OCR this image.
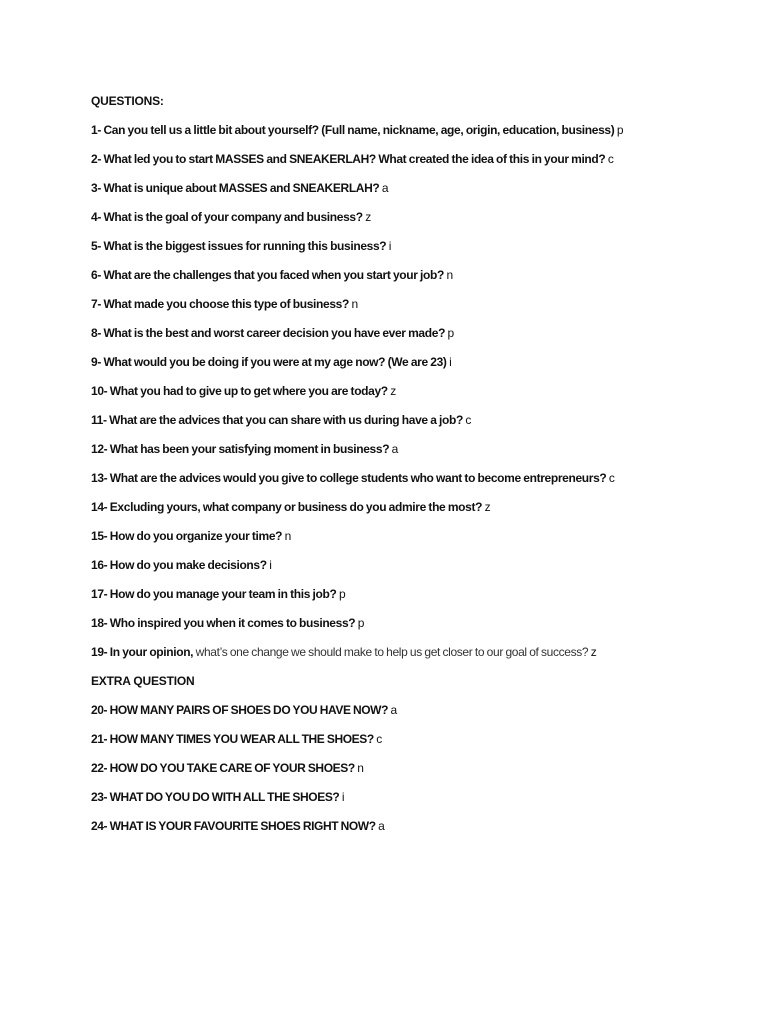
QUESTIONS:
1- Can you tell us a little bit about yourself? (Full name, nickname, age, origin, education, business) p
2- What led you to start MASSES and SNEAKERLAH? What created the idea of this in your mind? c
3- What is unique about MASSES and SNEAKERLAH? a
4- What is the goal of your company and business? z
5- What is the biggest issues for running this business? i
6- What are the challenges that you faced when you start your job? n
7- What made you choose this type of business? n
8- What is the best and worst career decision you have ever made? p
9- What would you be doing if you were at my age now? (We are 23) i
10- What you had to give up to get where you are today? z
11- What are the advices that you can share with us during have a job? c
12- What has been your satisfying moment in business? a
13- What are the advices would you give to college students who want to become entrepreneurs? c
14- Excluding yours, what company or business do you admire the most? z
15- How do you organize your time? n
16- How do you make decisions? i
17- How do you manage your team in this job? p
18- Who inspired you when it comes to business? p
19- In your opinion, what’s one change we should make to help us get closer to our goal of success? z
EXTRA QUESTION
20- HOW MANY PAIRS OF SHOES DO YOU HAVE NOW? a
21- HOW MANY TIMES YOU WEAR ALL THE SHOES? c
22- HOW DO YOU TAKE CARE OF YOUR SHOES? n
23- WHAT DO YOU DO WITH ALL THE SHOES? i
24- WHAT IS YOUR FAVOURITE SHOES RIGHT NOW? a
